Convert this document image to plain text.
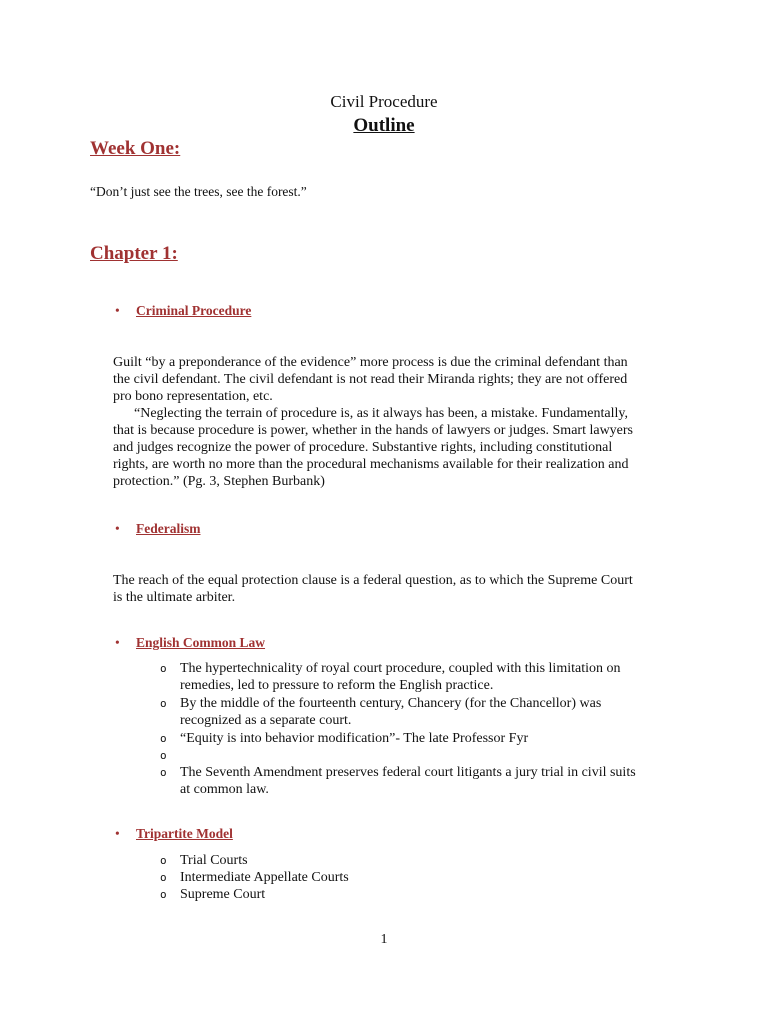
Civil Procedure

Outline

Week One:

“Don’t just see the trees, see the forest.”

Chapter 1:

• Criminal Procedure
Guilt “by a preponderance of the evidence” more process is due the criminal defendant than
the civil defendant. The civil defendant is not read their Miranda rights; they are not offered
pro bono representation, etc.
“Neglecting the terrain of procedure is, as it always has been, a mistake. Fundamentally,
that is because procedure is power, whether in the hands of lawyers or judges. Smart lawyers
and judges recognize the power of procedure. Substantive rights, including constitutional
rights, are worth no more than the procedural mechanisms available for their realization and
protection.” (Pg. 3, Stephen Burbank)
• Federalism
The reach of the equal protection clause is a federal question, as to which the Supreme Court
is the ultimate arbiter.
• English Common Law
o The hypertechnicality of royal court procedure, coupled with this limitation on
remedies, led to pressure to reform the English practice.
o By the middle of the fourteenth century, Chancery (for the Chancellor) was
recognized as a separate court.
o “Equity is into behavior modification”- The late Professor Fyr
o
o The Seventh Amendment preserves federal court litigants a jury trial in civil suits
at common law.
• Tripartite Model
o Trial Courts
o Intermediate Appellate Courts
o Supreme Court

1
